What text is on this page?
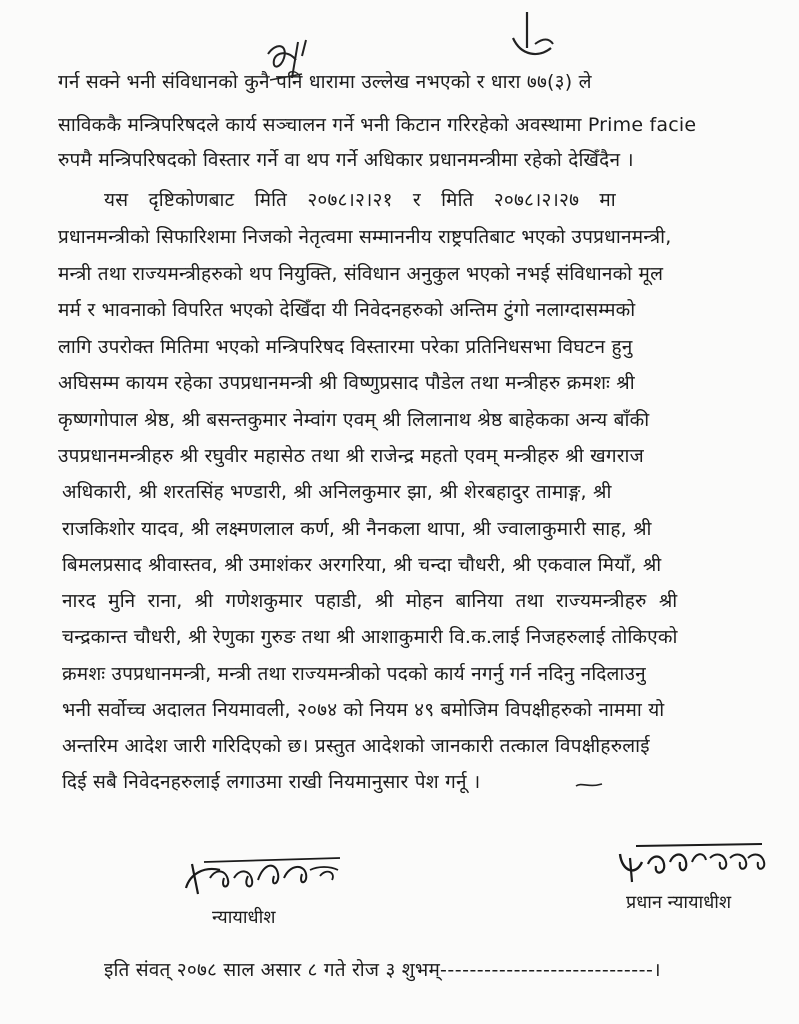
गर्न सक्ने भनी संविधानको कुनै पनि धारामा उल्लेख नभएको र धारा ७७(३) ले
साविककै मन्त्रिपरिषदले कार्य सञ्चालन गर्ने भनी किटान गरिरहेको अवस्थामा Prime facie
रुपमै मन्त्रिपरिषदको विस्तार गर्ने वा थप गर्ने अधिकार प्रधानमन्त्रीमा रहेको देखिँदैन ।
यस दृष्टिकोणबाट मिति २०७८।२।२१ र मिति २०७८।२।२७ मा
प्रधानमन्त्रीको सिफारिशमा निजको नेतृत्वमा सम्माननीय राष्ट्रपतिबाट भएको उपप्रधानमन्त्री,
मन्त्री तथा राज्यमन्त्रीहरुको थप नियुक्ति, संविधान अनुकुल भएको नभई संविधानको मूल
मर्म र भावनाको विपरित भएको देखिँदा यी निवेदनहरुको अन्तिम टुंगो नलाग्दासम्मको
लागि उपरोक्त मितिमा भएको मन्त्रिपरिषद विस्तारमा परेका प्रतिनिधसभा विघटन हुनु
अघिसम्म कायम रहेका उपप्रधानमन्त्री श्री विष्णुप्रसाद पौडेल तथा मन्त्रीहरु क्रमशः श्री
कृष्णगोपाल श्रेष्ठ, श्री बसन्तकुमार नेम्वांग एवम् श्री लिलानाथ श्रेष्ठ बाहेकका अन्य बाँकी
उपप्रधानमन्त्रीहरु श्री रघुवीर महासेठ तथा श्री राजेन्द्र महतो एवम् मन्त्रीहरु श्री खगराज
अधिकारी, श्री शरतसिंह भण्डारी, श्री अनिलकुमार झा, श्री शेरबहादुर तामाङ्ग, श्री
राजकिशोर यादव, श्री लक्ष्मणलाल कर्ण, श्री नैनकला थापा, श्री ज्वालाकुमारी साह, श्री
बिमलप्रसाद श्रीवास्तव, श्री उमाशंकर अरगरिया, श्री चन्दा चौधरी, श्री एकवाल मियाँ, श्री
नारद मुनि राना, श्री गणेशकुमार पहाडी, श्री मोहन बानिया तथा राज्यमन्त्रीहरु श्री
चन्द्रकान्त चौधरी, श्री रेणुका गुरुङ तथा श्री आशाकुमारी वि.क.लाई निजहरुलाई तोकिएको
क्रमशः उपप्रधानमन्त्री, मन्त्री तथा राज्यमन्त्रीको पदको कार्य नगर्नु गर्न नदिनु नदिलाउनु
भनी सर्वोच्च अदालत नियमावली, २०७४ को नियम ४९ बमोजिम विपक्षीहरुको नाममा यो
अन्तरिम आदेश जारी गरिदिएको छ। प्रस्तुत आदेशको जानकारी तत्काल विपक्षीहरुलाई
दिई सबै निवेदनहरुलाई लगाउमा राखी नियमानुसार पेश गर्नू ।
न्यायाधीश
प्रधान न्यायाधीश
इति संवत् २०७८ साल असार ८ गते रोज ३ शुभम्-----------------------------।
